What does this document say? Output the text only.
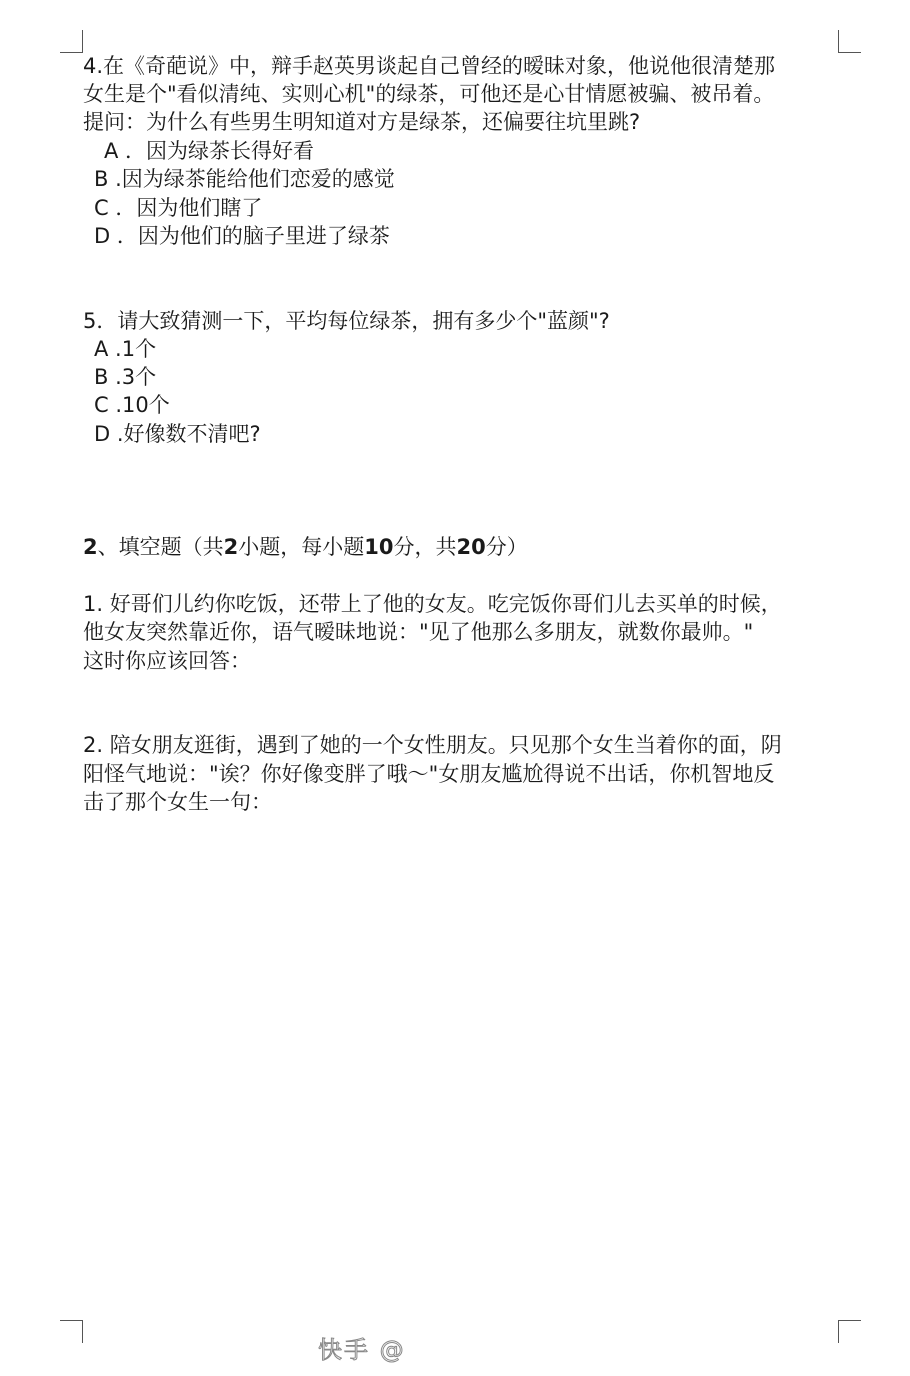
4.在《奇葩说》中，辩手赵英男谈起自己曾经的暧昧对象，他说他很清楚那
女生是个"看似清纯、实则心机"的绿茶，可他还是心甘情愿被骗、被吊着。
提问：为什么有些男生明知道对方是绿茶，还偏要往坑里跳?
A ．因为绿茶长得好看
B .因为绿茶能给他们恋爱的感觉
C ．因为他们瞎了
D ．因为他们的脑子里进了绿茶
5．请大致猜测一下，平均每位绿茶，拥有多少个"蓝颜"?
A .1个
B .3个
C .10个
D .好像数不清吧?
2、填空题（共2小题，每小题10分，共20分）
1. 好哥们儿约你吃饭，还带上了他的女友。吃完饭你哥们儿去买单的时候，
他女友突然靠近你，语气暧昧地说："见了他那么多朋友，就数你最帅。"
这时你应该回答：
2. 陪女朋友逛街，遇到了她的一个女性朋友。只见那个女生当着你的面，阴
阳怪气地说："诶？你好像变胖了哦～"女朋友尴尬得说不出话，你机智地反
击了那个女生一句：
快手 @
